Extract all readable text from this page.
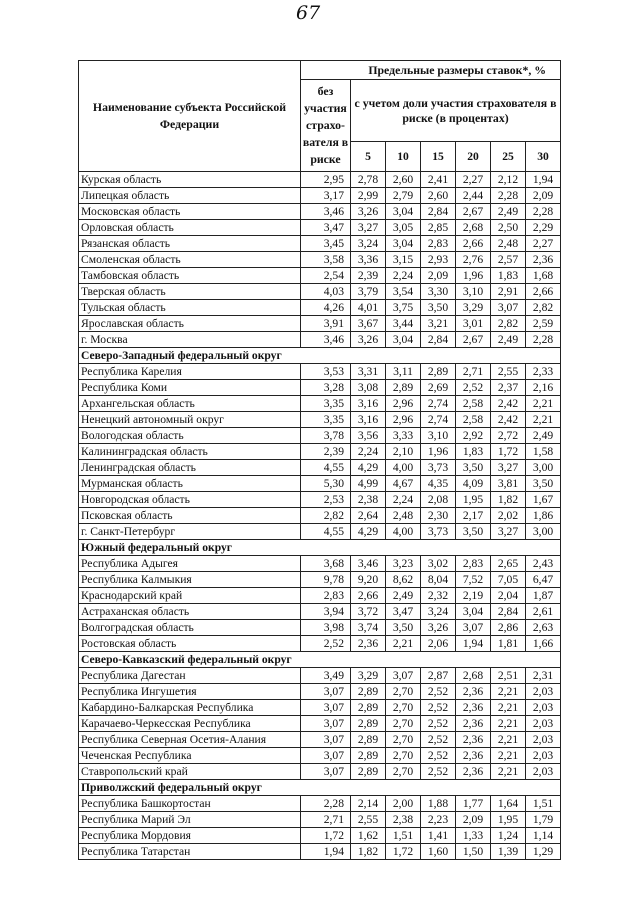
67
Наименование субъекта Российской Федерации	Предельные размеры ставок*, %						
	без участия страхо-вателя в риске	с учетом доли участия страхователя в риске (в процентах)					
		5	10	15	20	25	30
Курская область	2,95	2,78	2,60	2,41	2,27	2,12	1,94
Липецкая область	3,17	2,99	2,79	2,60	2,44	2,28	2,09
Московская область	3,46	3,26	3,04	2,84	2,67	2,49	2,28
Орловская область	3,47	3,27	3,05	2,85	2,68	2,50	2,29
Рязанская область	3,45	3,24	3,04	2,83	2,66	2,48	2,27
Смоленская область	3,58	3,36	3,15	2,93	2,76	2,57	2,36
Тамбовская область	2,54	2,39	2,24	2,09	1,96	1,83	1,68
Тверская область	4,03	3,79	3,54	3,30	3,10	2,91	2,66
Тульская область	4,26	4,01	3,75	3,50	3,29	3,07	2,82
Ярославская область	3,91	3,67	3,44	3,21	3,01	2,82	2,59
г. Москва	3,46	3,26	3,04	2,84	2,67	2,49	2,28
Северо-Западный федеральный округ							
Республика Карелия	3,53	3,31	3,11	2,89	2,71	2,55	2,33
Республика Коми	3,28	3,08	2,89	2,69	2,52	2,37	2,16
Архангельская область	3,35	3,16	2,96	2,74	2,58	2,42	2,21
Ненецкий автономный округ	3,35	3,16	2,96	2,74	2,58	2,42	2,21
Вологодская область	3,78	3,56	3,33	3,10	2,92	2,72	2,49
Калининградская область	2,39	2,24	2,10	1,96	1,83	1,72	1,58
Ленинградская область	4,55	4,29	4,00	3,73	3,50	3,27	3,00
Мурманская область	5,30	4,99	4,67	4,35	4,09	3,81	3,50
Новгородская область	2,53	2,38	2,24	2,08	1,95	1,82	1,67
Псковская область	2,82	2,64	2,48	2,30	2,17	2,02	1,86
г. Санкт-Петербург	4,55	4,29	4,00	3,73	3,50	3,27	3,00
Южный федеральный округ							
Республика Адыгея	3,68	3,46	3,23	3,02	2,83	2,65	2,43
Республика Калмыкия	9,78	9,20	8,62	8,04	7,52	7,05	6,47
Краснодарский край	2,83	2,66	2,49	2,32	2,19	2,04	1,87
Астраханская область	3,94	3,72	3,47	3,24	3,04	2,84	2,61
Волгоградская область	3,98	3,74	3,50	3,26	3,07	2,86	2,63
Ростовская область	2,52	2,36	2,21	2,06	1,94	1,81	1,66
Северо-Кавказский федеральный округ							
Республика Дагестан	3,49	3,29	3,07	2,87	2,68	2,51	2,31
Республика Ингушетия	3,07	2,89	2,70	2,52	2,36	2,21	2,03
Кабардино-Балкарская Республика	3,07	2,89	2,70	2,52	2,36	2,21	2,03
Карачаево-Черкесская Республика	3,07	2,89	2,70	2,52	2,36	2,21	2,03
Республика Северная Осетия-Алания	3,07	2,89	2,70	2,52	2,36	2,21	2,03
Чеченская Республика	3,07	2,89	2,70	2,52	2,36	2,21	2,03
Ставропольский край	3,07	2,89	2,70	2,52	2,36	2,21	2,03
Приволжский федеральный округ							
Республика Башкортостан	2,28	2,14	2,00	1,88	1,77	1,64	1,51
Республика Марий Эл	2,71	2,55	2,38	2,23	2,09	1,95	1,79
Республика Мордовия	1,72	1,62	1,51	1,41	1,33	1,24	1,14
Республика Татарстан	1,94	1,82	1,72	1,60	1,50	1,39	1,29
